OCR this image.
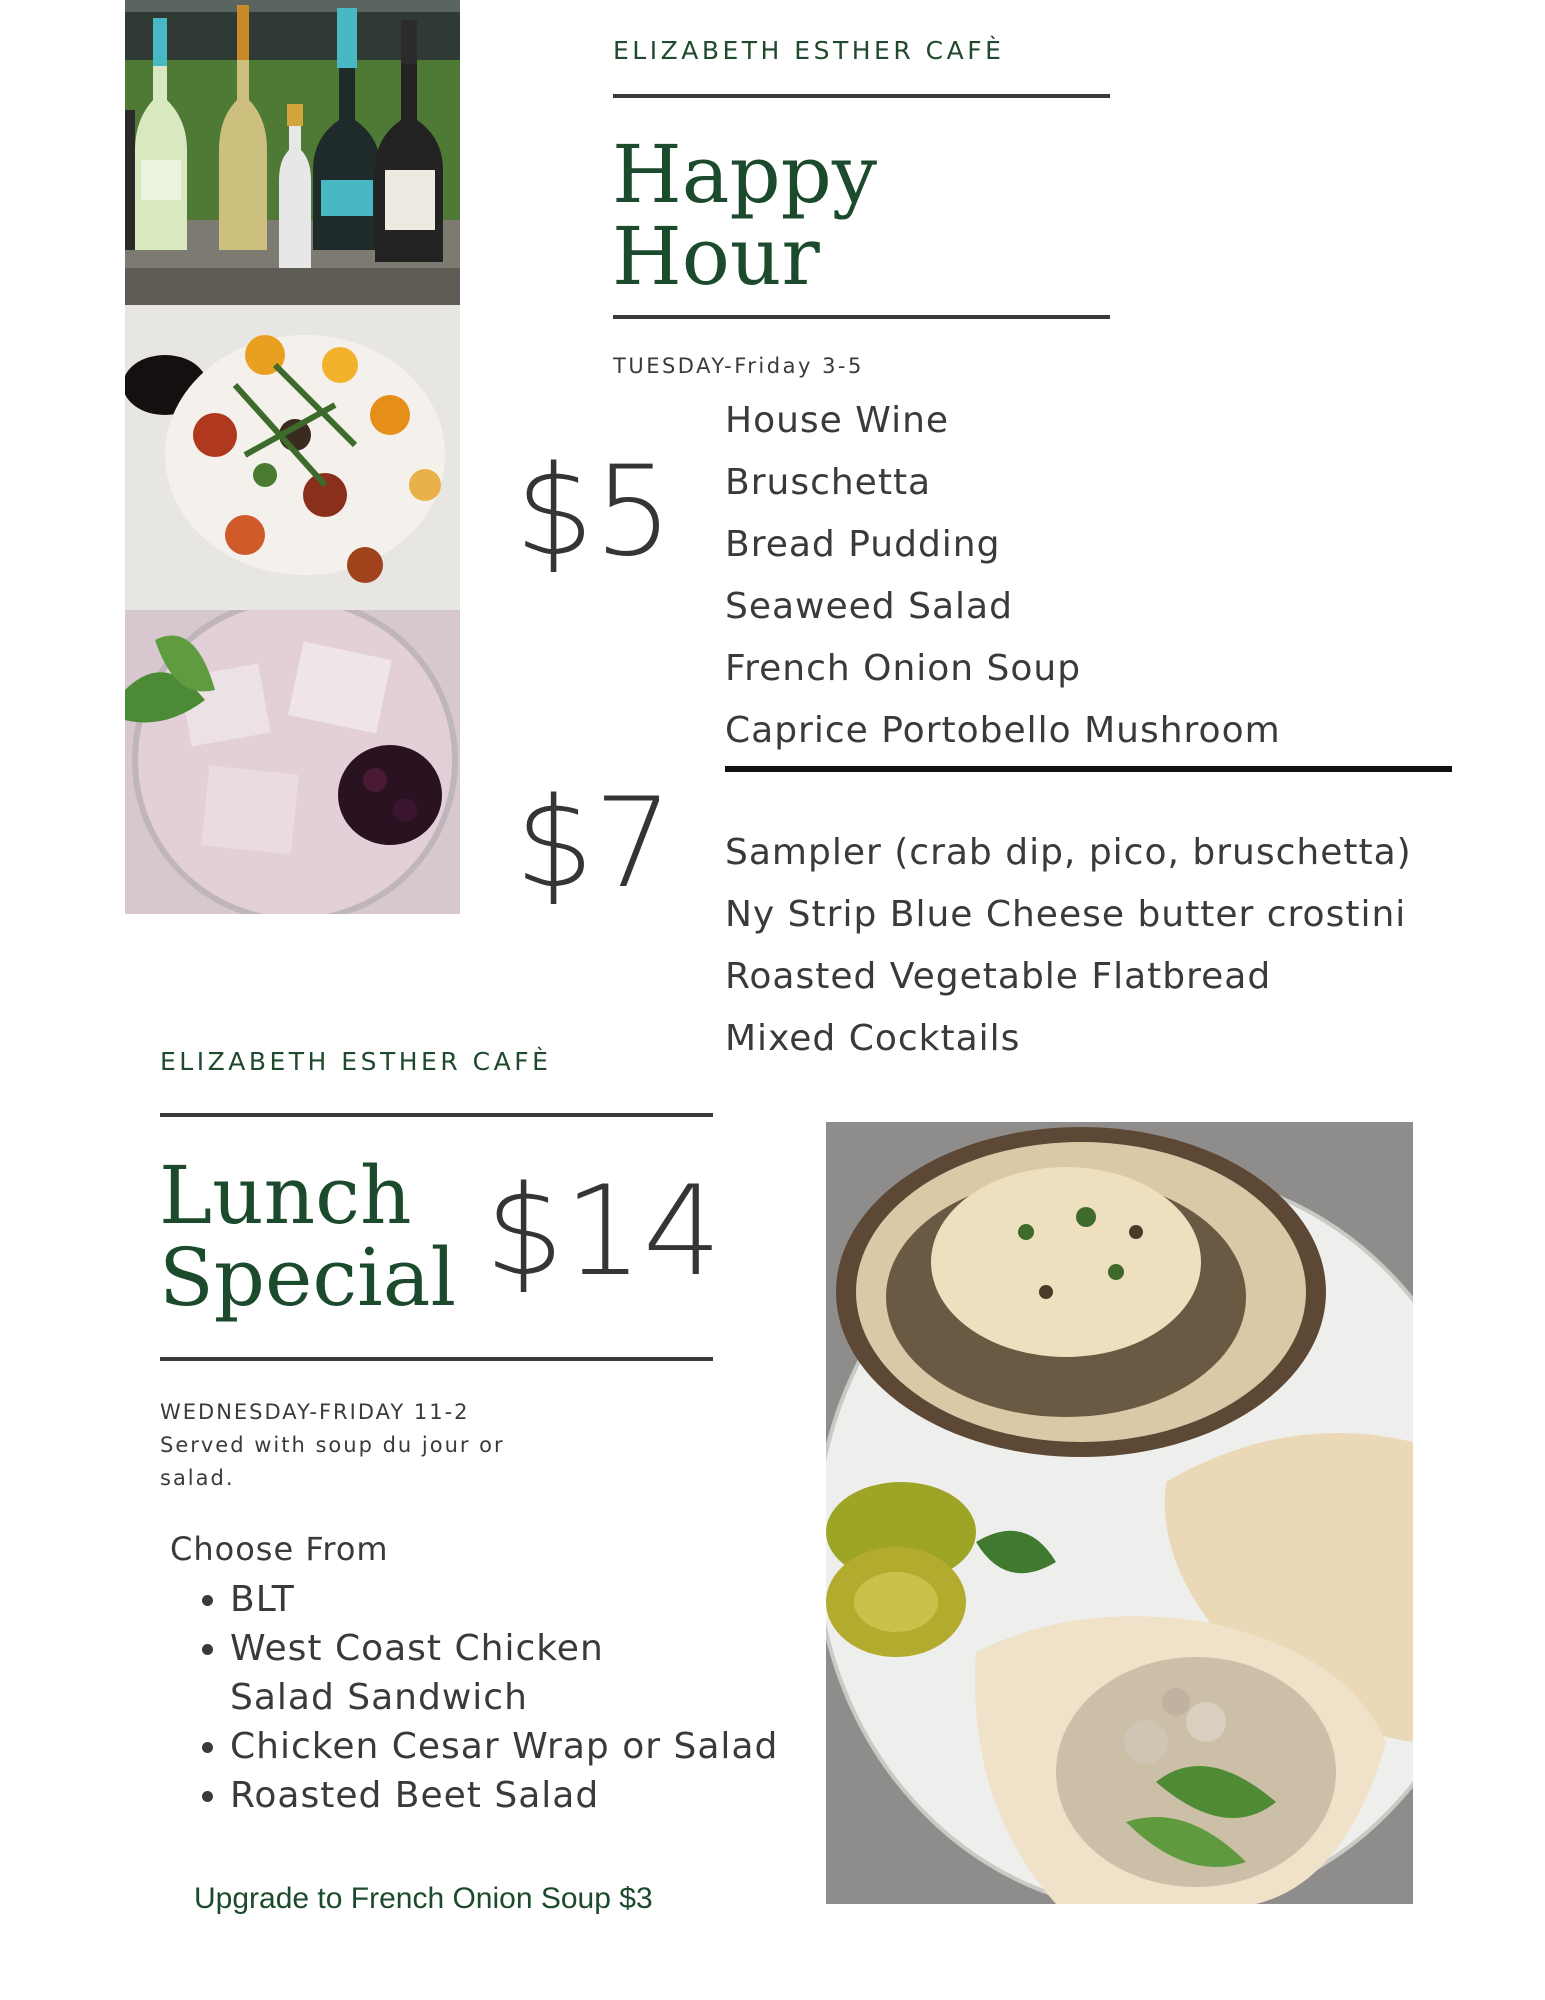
ELIZABETH ESTHER CAFÈ
Happy
Hour
TUESDAY-Friday 3-5
$5
House Wine
Bruschetta
Bread Pudding
Seaweed Salad
French Onion Soup
Caprice Portobello Mushroom
$7 Sampler (crab dip, pico, bruschetta)
Ny Strip Blue Cheese butter crostini
Roasted Vegetable Flatbread
Mixed Cocktails
ELIZABETH ESTHER CAFÈ
Lunch
Special $14
WEDNESDAY-FRIDAY 11-2
Served with soup du jour or
salad.
Choose From
• BLT
• West Coast Chicken Salad Sandwich
• Chicken Cesar Wrap or Salad
• Roasted Beet Salad
Upgrade to French Onion Soup $3
